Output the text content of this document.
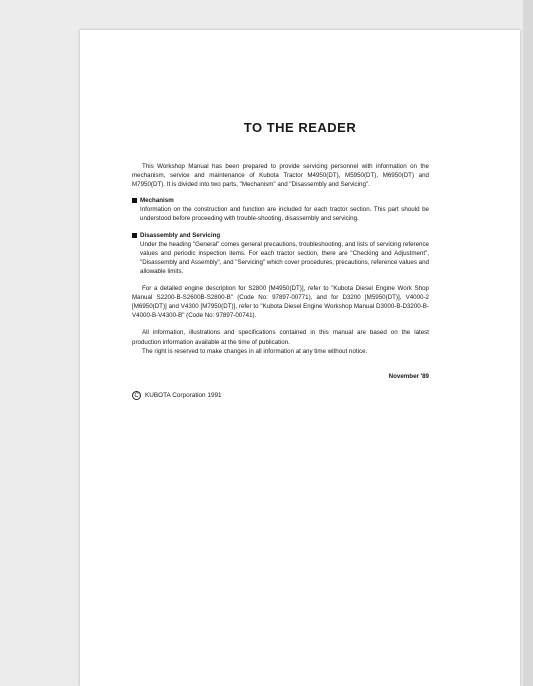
TO THE READER

This Workshop Manual has been prepared to provide servicing personnel with information on the mechanism, service and maintenance of Kubota Tractor M4950(DT), M5950(DT), M6950(DT) and M7950(DT). It is divided into two parts, "Mechanism" and "Disassembly and Servicing".

Mechanism

Information on the construction and function are included for each tractor section. This part should be understood before proceeding with trouble-shooting, disassembly and servicing.

Disassembly and Servicing

Under the heading "General" comes general precautions, troubleshooting, and lists of servicing reference values and periodic inspection items. For each tractor section, there are "Checking and Adjustment", "Disassembly and Assembly", and "Servicing" which cover procedures, precautions, reference values and allowable limits.

For a detailed engine description for S2800 [M4950(DT)], refer to "Kubota Diesel Engine Work Shop Manual S2200-B-S2600B-S2800-B" (Code No: 97897-00771), and for D3200 [M5950(DT)], V4000-2 [M6950(DT)] and V4300 [M7950(DT)], refer to "Kubota Diesel Engine Workshop Manual D3000-B-D3200-B-V4000-B-V4300-B" (Code No: 97897-00741).

All information, illustrations and specifications contained in this manual are based on the latest production information available at the time of publication.

The right is reserved to make changes in all information at any time without notice.

November '89
C KUBOTA Corporation 1991
